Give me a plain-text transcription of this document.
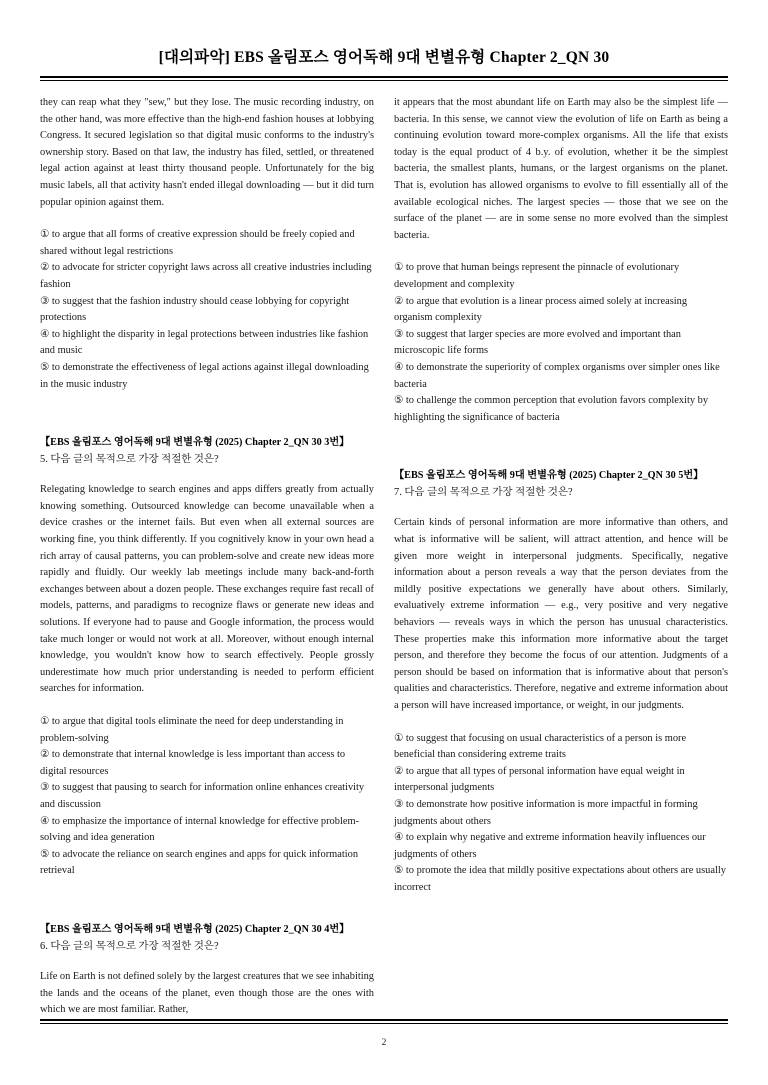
[대의파악] EBS 올림포스 영어독해 9대 변별유형 Chapter 2_QN 30

they can reap what they "sew," but they lose. The music recording industry, on the other hand, was more effective than the high-end fashion houses at lobbying Congress. It secured legislation so that digital music conforms to the industry's ownership story. Based on that law, the industry has filed, settled, or threatened legal action against at least thirty thousand people. Unfortunately for the big music labels, all that activity hasn't ended illegal downloading — but it did turn popular opinion against them.

① to argue that all forms of creative expression should be freely copied and shared without legal restrictions

② to advocate for stricter copyright laws across all creative industries including fashion

③ to suggest that the fashion industry should cease lobbying for copyright protections

④ to highlight the disparity in legal protections between industries like fashion and music

⑤ to demonstrate the effectiveness of legal actions against illegal downloading in the music industry

【EBS 올림포스 영어독해 9대 변별유형 (2025) Chapter 2_QN 30 3번】

5. 다음 글의 목적으로 가장 적절한 것은?

Relegating knowledge to search engines and apps differs greatly from actually knowing something. Outsourced knowledge can become unavailable when a device crashes or the internet fails. But even when all external sources are working fine, you think differently. If you cognitively know in your own head a rich array of causal patterns, you can problem-solve and create new ideas more rapidly and fluidly. Our weekly lab meetings include many back-and-forth exchanges between about a dozen people. These exchanges require fast recall of models, patterns, and paradigms to recognize flaws or generate new ideas and solutions. If everyone had to pause and Google information, the process would take much longer or would not work at all. Moreover, without enough internal knowledge, you wouldn't know how to search effectively. People grossly underestimate how much prior understanding is needed to perform efficient searches for information.

① to argue that digital tools eliminate the need for deep understanding in problem-solving

② to demonstrate that internal knowledge is less important than access to digital resources

③ to suggest that pausing to search for information online enhances creativity and discussion

④ to emphasize the importance of internal knowledge for effective problem-solving and idea generation

⑤ to advocate the reliance on search engines and apps for quick information retrieval

【EBS 올림포스 영어독해 9대 변별유형 (2025) Chapter 2_QN 30 4번】

6. 다음 글의 목적으로 가장 적절한 것은?

Life on Earth is not defined solely by the largest creatures that we see inhabiting the lands and the oceans of the planet, even though those are the ones with which we are most familiar. Rather,

it appears that the most abundant life on Earth may also be the simplest life — bacteria. In this sense, we cannot view the evolution of life on Earth as being a continuing evolution toward more-complex organisms. All the life that exists today is the equal product of 4 b.y. of evolution, whether it be the simplest bacteria, the smallest plants, humans, or the largest organisms on the planet. That is, evolution has allowed organisms to evolve to fill essentially all of the available ecological niches. The largest species — those that we see on the surface of the planet — are in some sense no more evolved than the simplest bacteria.

① to prove that human beings represent the pinnacle of evolutionary development and complexity

② to argue that evolution is a linear process aimed solely at increasing organism complexity

③ to suggest that larger species are more evolved and important than microscopic life forms

④ to demonstrate the superiority of complex organisms over simpler ones like bacteria

⑤ to challenge the common perception that evolution favors complexity by highlighting the significance of bacteria

【EBS 올림포스 영어독해 9대 변별유형 (2025) Chapter 2_QN 30 5번】

7. 다음 글의 목적으로 가장 적절한 것은?

Certain kinds of personal information are more informative than others, and what is informative will be salient, will attract attention, and hence will be given more weight in interpersonal judgments. Specifically, negative information about a person reveals a way that the person deviates from the mildly positive expectations we generally have about others. Similarly, evaluatively extreme information — e.g., very positive and very negative behaviors — reveals ways in which the person has unusual characteristics. These properties make this information more informative about the target person, and therefore they become the focus of our attention. Judgments of a person should be based on information that is informative about that person's qualities and characteristics. Therefore, negative and extreme information about a person will have increased importance, or weight, in our judgments.

① to suggest that focusing on usual characteristics of a person is more beneficial than considering extreme traits

② to argue that all types of personal information have equal weight in interpersonal judgments

③ to demonstrate how positive information is more impactful in forming judgments about others

④ to explain why negative and extreme information heavily influences our judgments of others

⑤ to promote the idea that mildly positive expectations about others are usually incorrect

2
